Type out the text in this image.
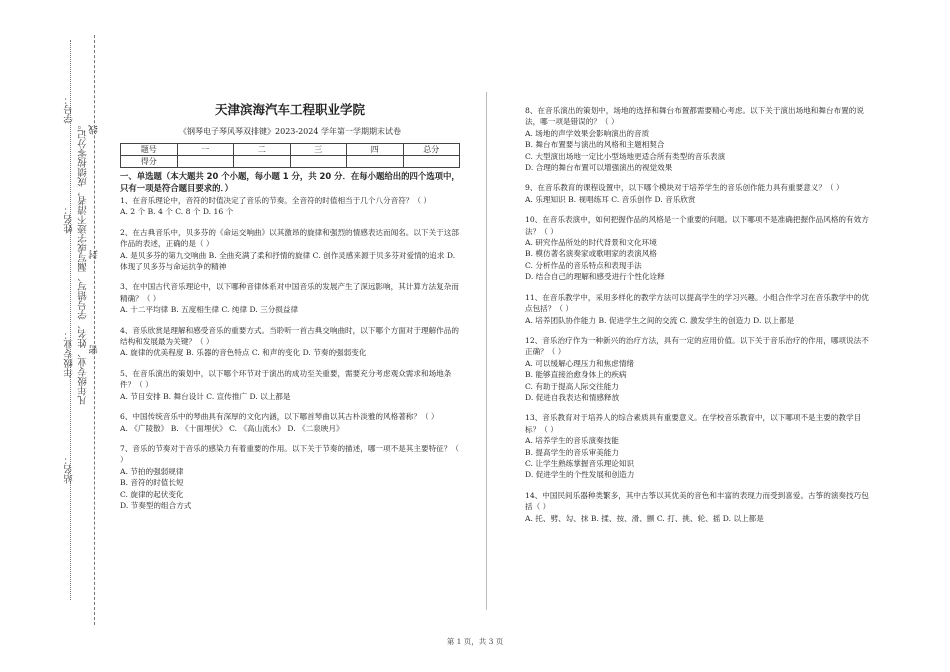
学号：
姓名： 凡年级专业、姓名、学号错写、漏写或字迹不清者，成绩按零分记。
年级专业：
站名：
密
封
线
天津滨海汽车工程职业学院
《钢琴电子琴风琴双排键》2023-2024 学年第一学期期末试卷
题号	一	二	三	四	总分
得分					
一、单选题（本大题共 20 个小题，每小题 1 分，共 20 分．在每小题给出的四个选项中，只有一项是符合题目要求的．）

1、在音乐理论中，音符的时值决定了音乐的节奏。全音符的时值相当于几个八分音符？（ ）

A. 2 个 B. 4 个 C. 8 个 D. 16 个

2、在古典音乐中，贝多芬的《命运交响曲》以其激昂的旋律和强烈的情感表达而闻名。以下关于这部作品的表述，正确的是（ ）

A. 是贝多芬的第九交响曲 B. 全曲充满了柔和抒情的旋律 C. 创作灵感来源于贝多芬对爱情的追求 D. 体现了贝多芬与命运抗争的精神

3、在中国古代音乐理论中，以下哪种音律体系对中国音乐的发展产生了深远影响，其计算方法复杂而精确？（ ）

A. 十二平均律 B. 五度相生律 C. 纯律 D. 三分损益律

4、音乐欣赏是理解和感受音乐的重要方式。当聆听一首古典交响曲时，以下哪个方面对于理解作品的结构和发展最为关键？（ ）

A. 旋律的优美程度 B. 乐器的音色特点 C. 和声的变化 D. 节奏的强弱变化

5、在音乐演出的策划中，以下哪个环节对于演出的成功至关重要，需要充分考虑观众需求和场地条件？（ ）

A. 节目安排 B. 舞台设计 C. 宣传推广 D. 以上都是

6、中国传统音乐中的琴曲具有深厚的文化内涵，以下哪首琴曲以其古朴淡雅的风格著称？（ ）

A. 《广陵散》 B. 《十面埋伏》 C. 《高山流水》 D. 《二泉映月》

7、音乐的节奏对于音乐的感染力有着重要的作用。以下关于节奏的描述，哪一项不是其主要特征？（ ）

A. 节拍的强弱规律

B. 音符的时值长短

C. 旋律的起伏变化

D. 节奏型的组合方式

8、在音乐演出的策划中，场地的选择和舞台布置都需要精心考虑。以下关于演出场地和舞台布置的说法，哪一项是错误的？（ ）

A. 场地的声学效果会影响演出的音质

B. 舞台布置要与演出的风格和主题相契合

C. 大型演出场地一定比小型场地更适合所有类型的音乐表演

D. 合理的舞台布置可以增强演出的视觉效果

9、在音乐教育的课程设置中，以下哪个模块对于培养学生的音乐创作能力具有重要意义？（ ）

A. 乐理知识 B. 视唱练耳 C. 音乐创作 D. 音乐欣赏

10、在音乐表演中，如何把握作品的风格是一个重要的问题。以下哪项不是准确把握作品风格的有效方法？（ ）

A. 研究作品所处的时代背景和文化环境

B. 模仿著名演奏家或歌唱家的表演风格

C. 分析作品的音乐特点和表现手法

D. 结合自己的理解和感受进行个性化诠释

11、在音乐教学中，采用多样化的教学方法可以提高学生的学习兴趣。小组合作学习在音乐教学中的优点包括？（ ）

A. 培养团队协作能力 B. 促进学生之间的交流 C. 激发学生的创造力 D. 以上都是

12、音乐治疗作为一种新兴的治疗方法，具有一定的应用价值。以下关于音乐治疗的作用，哪项说法不正确？（ ）

A. 可以缓解心理压力和焦虑情绪

B. 能够直接治愈身体上的疾病

C. 有助于提高人际交往能力

D. 促进自我表达和情感释放

13、音乐教育对于培养人的综合素质具有重要意义。在学校音乐教育中，以下哪项不是主要的教学目标？（ ）

A. 培养学生的音乐演奏技能

B. 提高学生的音乐审美能力

C. 让学生熟练掌握音乐理论知识

D. 促进学生的个性发展和创造力

14、中国民间乐器种类繁多，其中古筝以其优美的音色和丰富的表现力而受到喜爱。古筝的演奏技巧包括（ ）

A. 托、劈、勾、抹 B. 揉、按、滑、颤 C. 打、挑、轮、摇 D. 以上都是

第 1 页，共 3 页
